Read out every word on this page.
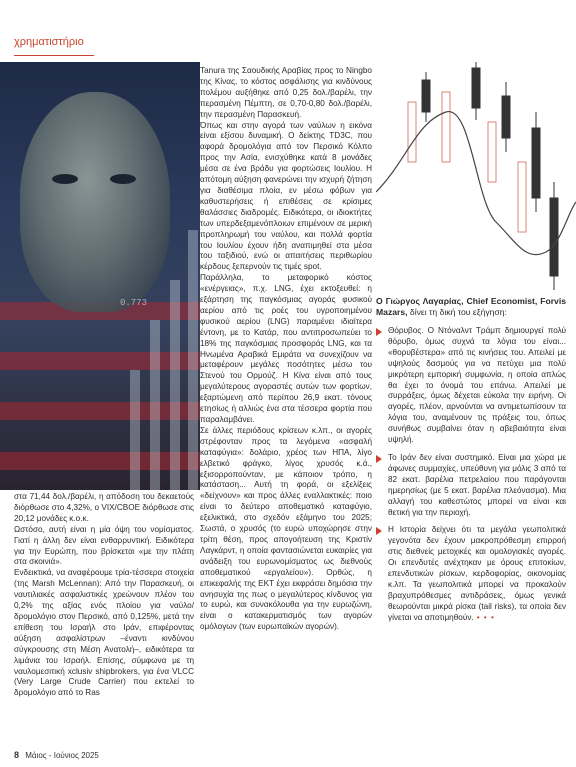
χρηματιστήριο
0.773

στα 71,44 δολ./βαρέλι, η απόδοση του δεκαετούς διόρθωσε στο 4,32%, ο VIX/CBOE διόρθωσε στις 20,12 μονάδες κ.ο.κ.

Ωστόσο, αυτή είναι η μία όψη του νομίσματος. Γιατί η άλλη δεν είναι ενθαρρυντική. Ειδικότερα για την Ευρώπη, που βρίσκεται «με την πλάτη στα σκοινιά».

Ενδεικτικά, να αναφέρουμε τρία-τέσσερα στοιχεία (της Marsh McLennan): Από την Παρασκευή, οι ναυτιλιακές ασφαλιστικές χρεώνουν πλέον του 0,2% της αξίας ενός πλοίου για ναύλο/δρομολόγιο στον Περσικό, από 0,125%, μετά την επίθεση του Ισραήλ στο Ιράν, επιφέροντας αύξηση ασφαλίστρων –έναντι κινδύνου σύγκρουσης στη Μέση Ανατολή–, ειδικότερα τα λιμάνια του Ισραήλ. Επίσης, σύμφωνα με τη ναυλομεσιτική xclusiv shipbrokers, για ένα VLCC (Very Large Crude Carrier) που εκτελεί το δρομολόγιο από το Ras

Tanura της Σαουδικής Αραβίας προς το Ningbo της Κίνας, το κόστος ασφάλισης για κινδύνους πολέμου αυξήθηκε από 0,25 δολ./βαρέλι, την περασμένη Πέμπτη, σε 0,70-0,80 δολ./βαρέλι, την περασμένη Παρασκευή.

Όπως και στην αγορά των ναύλων η εικόνα είναι εξίσου δυναμική. Ο δείκτης TD3C, που αφορά δρομολόγια από τον Περσικό Κόλπο προς την Ασία, ενισχύθηκε κατά 8 μονάδες μέσα σε ένα βράδυ για φορτώσεις Ιουλίου. Η απότομη αύξηση φανερώνει την ισχυρή ζήτηση για διαθέσιμα πλοία, εν μέσω φόβων για καθυστερήσεις ή επιθέσεις σε κρίσιμες θαλάσσιες διαδρομές. Ειδικότερα, οι ιδιοκτήτες των υπερδεξαμενόπλοιων επιμένουν σε μερική προπληρωμή του ναύλου, και πολλά φορτία του Ιουλίου έχουν ήδη αναπιμηθεί στα μέσα του ταξιδιού, ενώ οι απαιτήσεις περιθωρίου κέρδους ξεπερνούν τις τιμές spot.

Παράλληλα, το μεταφορικό κόστος «ενέργειας», π.χ. LNG, έχει εκτοξευθεί: η εξάρτηση της παγκόσμιας αγοράς φυσικού αερίου από τις ροές του υγροποιημένου φυσικού αερίου (LNG) παραμένει ιδιαίτερα έντονη, με το Κατάρ, που αντιπροσωπεύει το 18% της παγκόσμιας προσφοράς LNG, και τα Ηνωμένα Αραβικά Εμιράτα να συνεχίζουν να μεταφέρουν μεγάλες ποσότητες μέσω του Στενού του Ορμούζ. Η Κίνα είναι από τους μεγαλύτερους αγοραστές αυτών των φορτίων, εξαρτώμενη από περίπου 26,9 εκατ. τόνους ετησίως ή αλλιώς ένα στα τέσσερα φορτία που παραλαμβάνει.

Σε άλλες περιόδους κρίσεων κ.λπ., οι αγορές στρέφονταν προς τα λεγόμενα «ασφαλή καταφύγια»: δολάριο, χρέος των ΗΠΑ, λίγο ελβετικό φράγκο, λίγος χρυσός κ.ά., εξισορροπούνταν, με κάποιον τρόπο, η κατάσταση... Αυτή τη φορά, οι εξελίξεις «δείχνουν» και προς άλλες εναλλακτικές: ποιο είναι το δεύτερο αποθεματικό καταφύγιο, εξελικτικά, στο σχεδόν εξάμηνο του 2025; Σωστά, ο χρυσός (το ευρώ υποχώρησε στην τρίτη θέση, προς απογοήτευση της Κριστίν Λαγκάρντ, η οποία φαντασιώνεται ευκαιρίες για ανάδειξη του ευρωνομίσματος ως διεθνούς αποθεματικού «εργαλείου»). Ορθώς, η επικεφαλής της ΕΚΤ έχει εκφράσει δημόσια την ανησυχία της πως ο μεγαλύτερος κίνδυνος για το ευρώ, και συνακόλουθα για την ευρωζώνη, είναι ο κατακερματισμός των αγορών ομόλογων (των ευρωπαϊκών αγορών).

Ο Γιώργος Λαγαρίας, Chief Economist, Forvis Mazars, δίνει τη δική του εξήγηση:

Θόρυβος. Ο Ντόναλντ Τράμπ δημιουργεί πολύ θόρυβο, όμως συχνά τα λόγια του είναι... «θορυβέστερα» από τις κινήσεις του. Απειλεί με υψηλούς δασμούς για να πετύχει μια πολύ μικρότερη εμπορική συμφωνία, η οποία απλώς θα έχει το όνομά του επάνω. Απειλεί με συρράξεις, όμως δέχεται εύκολα την ειρήνη. Οι αγορές, πλέον, αρνούνται να αντιμετωπίσουν τα λόγια του, αναμένουν τις πράξεις του, όπως συνήθως συμβαίνει όταν η αβεβαιότητα είναι υψηλή.

Το Ιράν δεν είναι συστημικό. Είναι μια χώρα με άφωνες συμμαχίες, υπεύθυνη για μόλις 3 από τα 82 εκατ. βαρέλια πετρελαίου που παράγονται ημερησίως (με 5 εκατ. βαρέλια πλεόνασμα). Μια αλλαγή του καθεστώτος μπορεί να είναι και θετική για την περιοχή.

Η Ιστορία δείχνει ότι τα μεγάλα γεωπολιτικά γεγονότα δεν έχουν μακροπρόθεσμη επιρροή στις διεθνείς μετοχικές και ομολογιακές αγορές. Οι επενδυτές ανέχτηκαν με όρους επιτοκίων, επενδυτικών ρίσκων, κερδοφορίας, οικονομίας κ.λπ. Τα γεωπολιτικά μπορεί να προκαλούν βραχυπρόθεσμες αντιδράσεις, όμως γενικά θεωρούνται μικρά ρίσκα (tail risks), τα οποία δεν γίνεται να αποτιμηθούν. • • •

8 Μάιος - Ιούνιος 2025
